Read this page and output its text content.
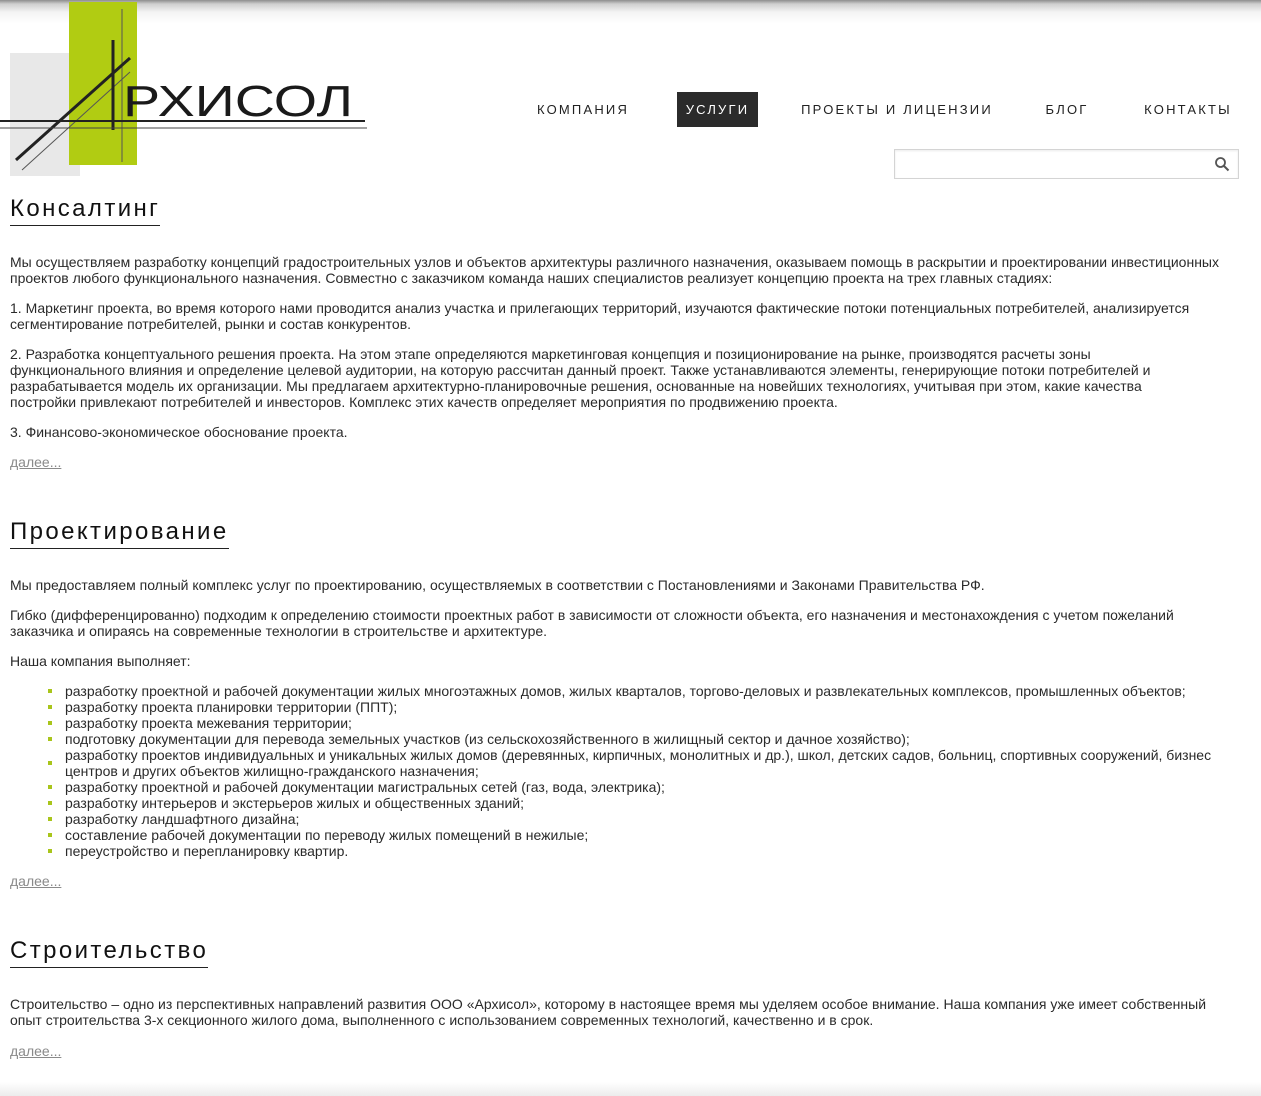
РХИСОЛ	КОМПАНИЯ	УСЛУГИ	ПРОЕКТЫ И ЛИЦЕНЗИИ	БЛОГ	КОНТАКТЫ
Консалтинг

Мы осуществляем разработку концепций градостроительных узлов и объектов архитектуры различного назначения, оказываем помощь в раскрытии и проектировании инвестиционных проектов любого функционального назначения. Совместно с заказчиком команда наших специалистов реализует концепцию проекта на трех главных стадиях:

1. Маркетинг проекта, во время которого нами проводится анализ участка и прилегающих территорий, изучаются фактические потоки потенциальных потребителей, анализируется сегментирование потребителей, рынки и состав конкурентов.

2. Разработка концептуального решения проекта. На этом этапе определяются маркетинговая концепция и позиционирование на рынке, производятся расчеты зоны функционального влияния и определение целевой аудитории, на которую рассчитан данный проект. Также устанавливаются элементы, генерирующие потоки потребителей и разрабатывается модель их организации. Мы предлагаем архитектурно-планировочные решения, основанные на новейших технологиях, учитывая при этом, какие качества постройки привлекают потребителей и инвесторов. Комплекс этих качеств определяет мероприятия по продвижению проекта.

3. Финансово-экономическое обоснование проекта.

далее...
Проектирование

Мы предоставляем полный комплекс услуг по проектированию, осуществляемых в соответствии с Постановлениями и Законами Правительства РФ.

Гибко (дифференцированно) подходим к определению стоимости проектных работ в зависимости от сложности объекта, его назначения и местонахождения с учетом пожеланий заказчика и опираясь на современные технологии в строительстве и архитектуре.

Наша компания выполняет:

разработку проектной и рабочей документации жилых многоэтажных домов, жилых кварталов, торгово-деловых и развлекательных комплексов, промышленных объектов;
разработку проекта планировки территории (ППТ);
разработку проекта межевания территории;
подготовку документации для перевода земельных участков (из сельскохозяйственного в жилищный сектор и дачное хозяйство);
разработку проектов индивидуальных и уникальных жилых домов (деревянных, кирпичных, монолитных и др.), школ, детских садов, больниц, спортивных сооружений, бизнес центров и других объектов жилищно-гражданского назначения;
разработку проектной и рабочей документации магистральных сетей (газ, вода, электрика);
разработку интерьеров и экстерьеров жилых и общественных зданий;
разработку ландшафтного дизайна;
составление рабочей документации по переводу жилых помещений в нежилые;
переустройство и перепланировку квартир.
далее...
Строительство

Строительство – одно из перспективных направлений развития ООО «Архисол», которому в настоящее время мы уделяем особое внимание. Наша компания уже имеет собственный опыт строительства 3-х секционного жилого дома, выполненного с использованием современных технологий, качественно и в срок.

далее...
